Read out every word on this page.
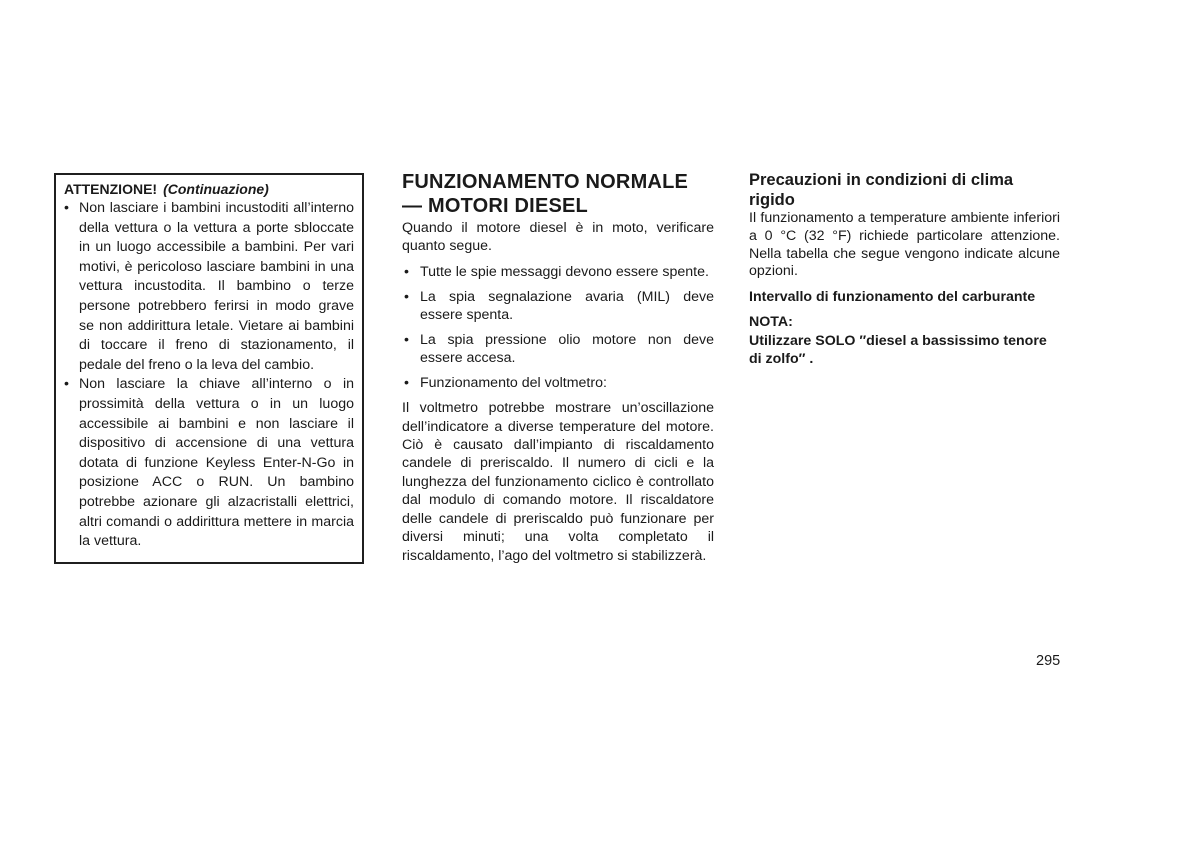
ATTENZIONE! (Continuazione)
• Non lasciare i bambini incustoditi all’interno della vettura o la vettura a porte sbloccate in un luogo accessibile a bambini. Per vari motivi, è pericoloso lasciare bambini in una vettura incustodita. Il bambino o terze persone potrebbero ferirsi in modo grave se non addirittura letale. Vietare ai bambini di toccare il freno di stazionamento, il pedale del freno o la leva del cambio.
• Non lasciare la chiave all’interno o in prossimità della vettura o in un luogo accessibile ai bambini e non lasciare il dispositivo di accensione di una vettura dotata di funzione Keyless Enter-N-Go in posizione ACC o RUN. Un bambino potrebbe azionare gli alzacristalli elettrici, altri comandi o addirittura mettere in marcia la vettura.
FUNZIONAMENTO NORMALE
— MOTORI DIESEL

Quando il motore diesel è in moto, verificare quanto segue.

• Tutte le spie messaggi devono essere spente.
• La spia segnalazione avaria (MIL) deve essere spenta.
• La spia pressione olio motore non deve essere accesa.
• Funzionamento del voltmetro:

Il voltmetro potrebbe mostrare un’oscillazione dell’indicatore a diverse temperature del motore. Ciò è causato dall’impianto di riscaldamento candele di preriscaldo. Il numero di cicli e la lunghezza del funzionamento ciclico è controllato dal modulo di comando motore. Il riscaldatore delle candele di preriscaldo può funzionare per diversi minuti; una volta completato il riscaldamento, l’ago del voltmetro si stabilizzerà.

Precauzioni in condizioni di clima rigido

Il funzionamento a temperature ambiente inferiori a 0 °C (32 °F) richiede particolare attenzione. Nella tabella che segue vengono indicate alcune opzioni.

Intervallo di funzionamento del carburante

NOTA:

Utilizzare SOLO ″diesel a bassissimo tenore di zolfo″ .

295
